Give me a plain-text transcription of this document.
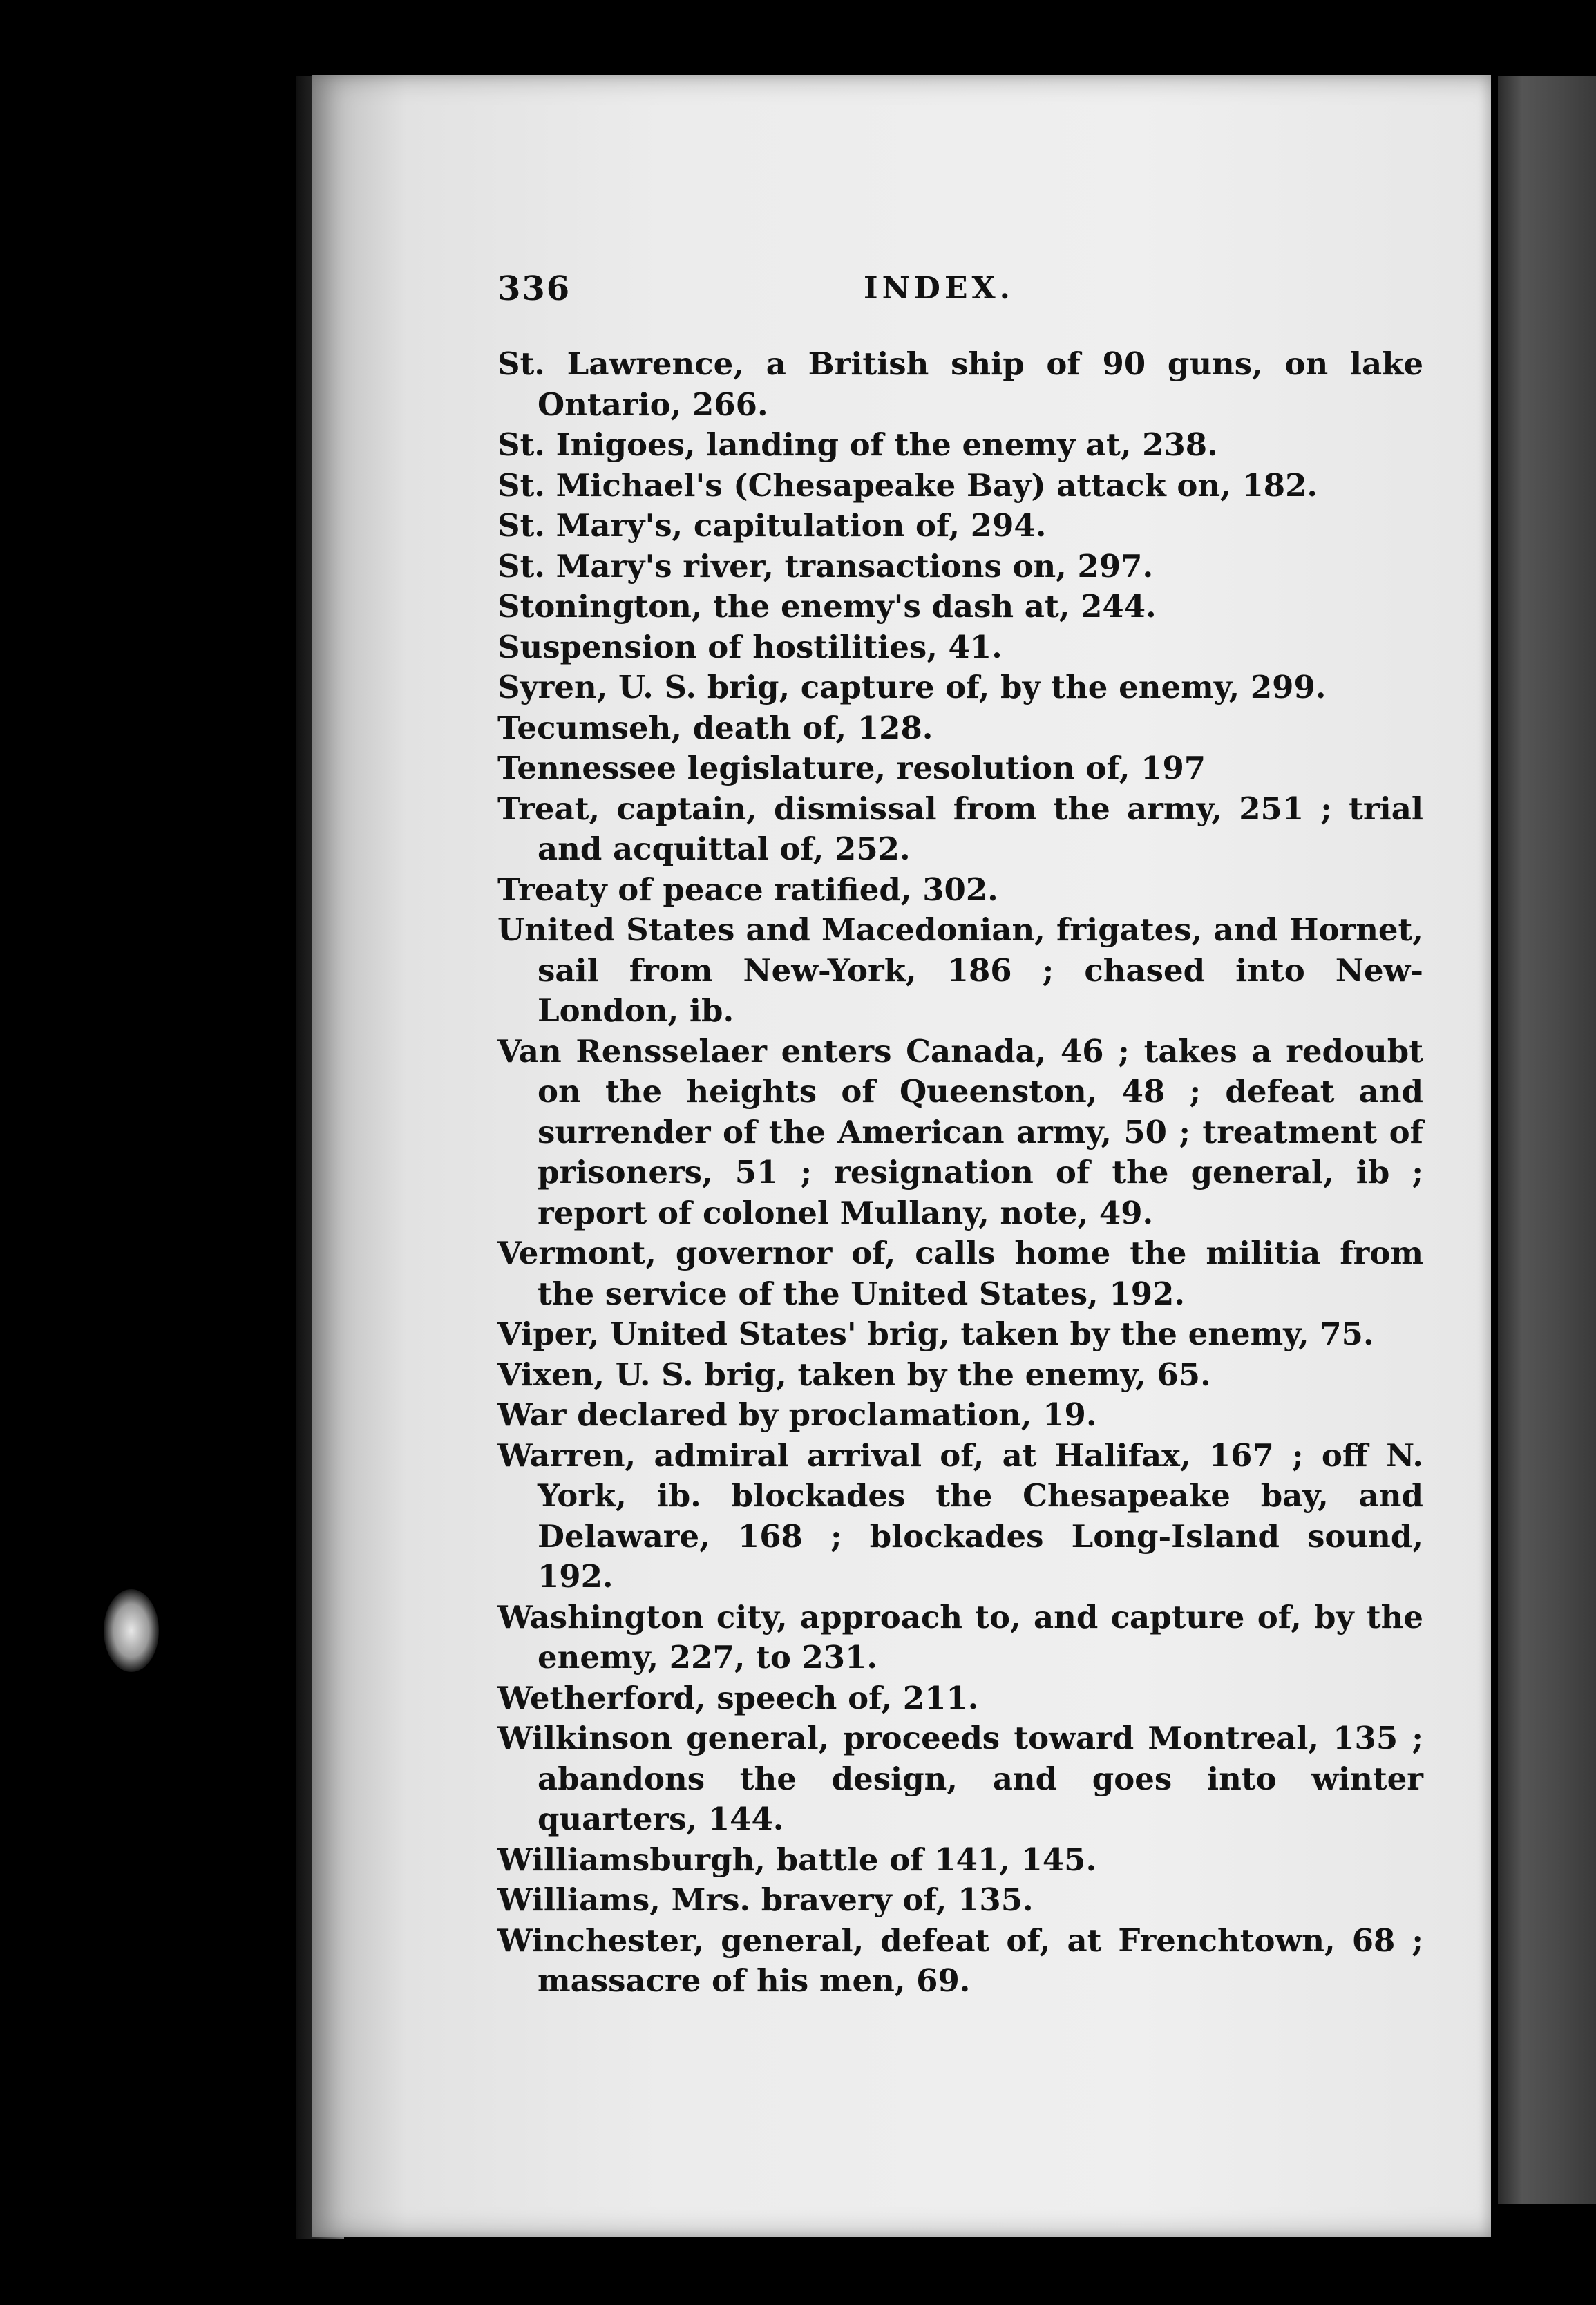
336	INDEX.
St. Lawrence, a British ship of 90 guns, on lake Ontario, 266.
St. Inigoes, landing of the enemy at, 238.
St. Michael's (Chesapeake Bay) attack on, 182.
St. Mary's, capitulation of, 294.
St. Mary's river, transactions on, 297.
Stonington, the enemy's dash at, 244.
Suspension of hostilities, 41.
Syren, U. S. brig, capture of, by the enemy, 299.
Tecumseh, death of, 128.
Tennessee legislature, resolution of, 197
Treat, captain, dismissal from the army, 251 ; trial and acquittal of, 252.
Treaty of peace ratified, 302.
United States and Macedonian, frigates, and Hornet, sail from New-York, 186 ; chased into New-London, ib.
Van Rensselaer enters Canada, 46 ; takes a redoubt on the heights of Queenston, 48 ; defeat and surrender of the American army, 50 ; treatment of prisoners, 51 ; resignation of the general, ib ; report of colonel Mullany, note, 49.
Vermont, governor of, calls home the militia from the service of the United States, 192.
Viper, United States' brig, taken by the enemy, 75.
Vixen, U. S. brig, taken by the enemy, 65.
War declared by proclamation, 19.
Warren, admiral arrival of, at Halifax, 167 ; off N. York, ib. blockades the Chesapeake bay, and Delaware, 168 ; blockades Long-Island sound, 192.
Washington city, approach to, and capture of, by the enemy, 227, to 231.
Wetherford, speech of, 211.
Wilkinson general, proceeds toward Montreal, 135 ; abandons the design, and goes into winter quarters, 144.
Williamsburgh, battle of 141, 145.
Williams, Mrs. bravery of, 135.
Winchester, general, defeat of, at Frenchtown, 68 ; massacre of his men, 69.
